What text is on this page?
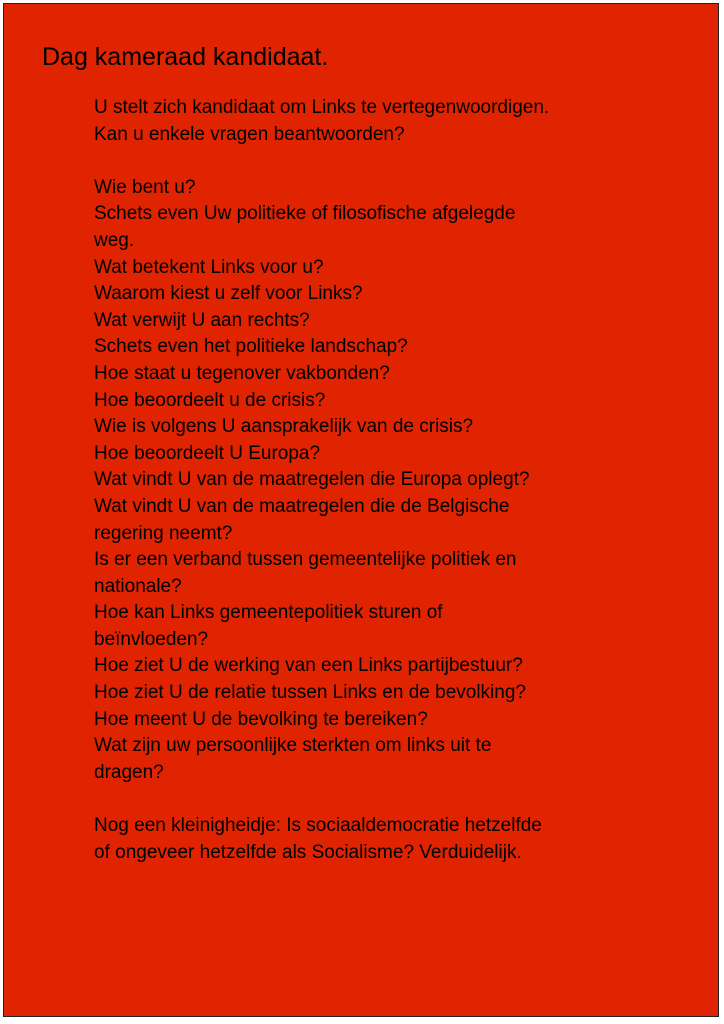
Dag kameraad kandidaat.
U stelt zich kandidaat om Links te vertegenwoordigen.
Kan u enkele vragen beantwoorden?
Wie bent u?
Schets even Uw politieke of filosofische afgelegde
weg.
Wat betekent Links voor u?
Waarom kiest u zelf voor Links?
Wat verwijt U aan rechts?
Schets even het politieke landschap?
Hoe staat u tegenover vakbonden?
Hoe beoordeelt u de crisis?
Wie is volgens U aansprakelijk van de crisis?
Hoe beoordeelt U Europa?
Wat vindt U van de maatregelen die Europa oplegt?
Wat vindt U van de maatregelen die de Belgische
regering neemt?
Is er een verband tussen gemeentelijke politiek en
nationale?
Hoe kan Links gemeentepolitiek sturen of
beïnvloeden?
Hoe ziet U de werking van een Links partijbestuur?
Hoe ziet U de relatie tussen Links en de bevolking?
Hoe meent U de bevolking te bereiken?
Wat zijn uw persoonlijke sterkten om links uit te
dragen?
Nog een kleinigheidje: Is sociaaldemocratie hetzelfde
of ongeveer hetzelfde als Socialisme? Verduidelijk.
